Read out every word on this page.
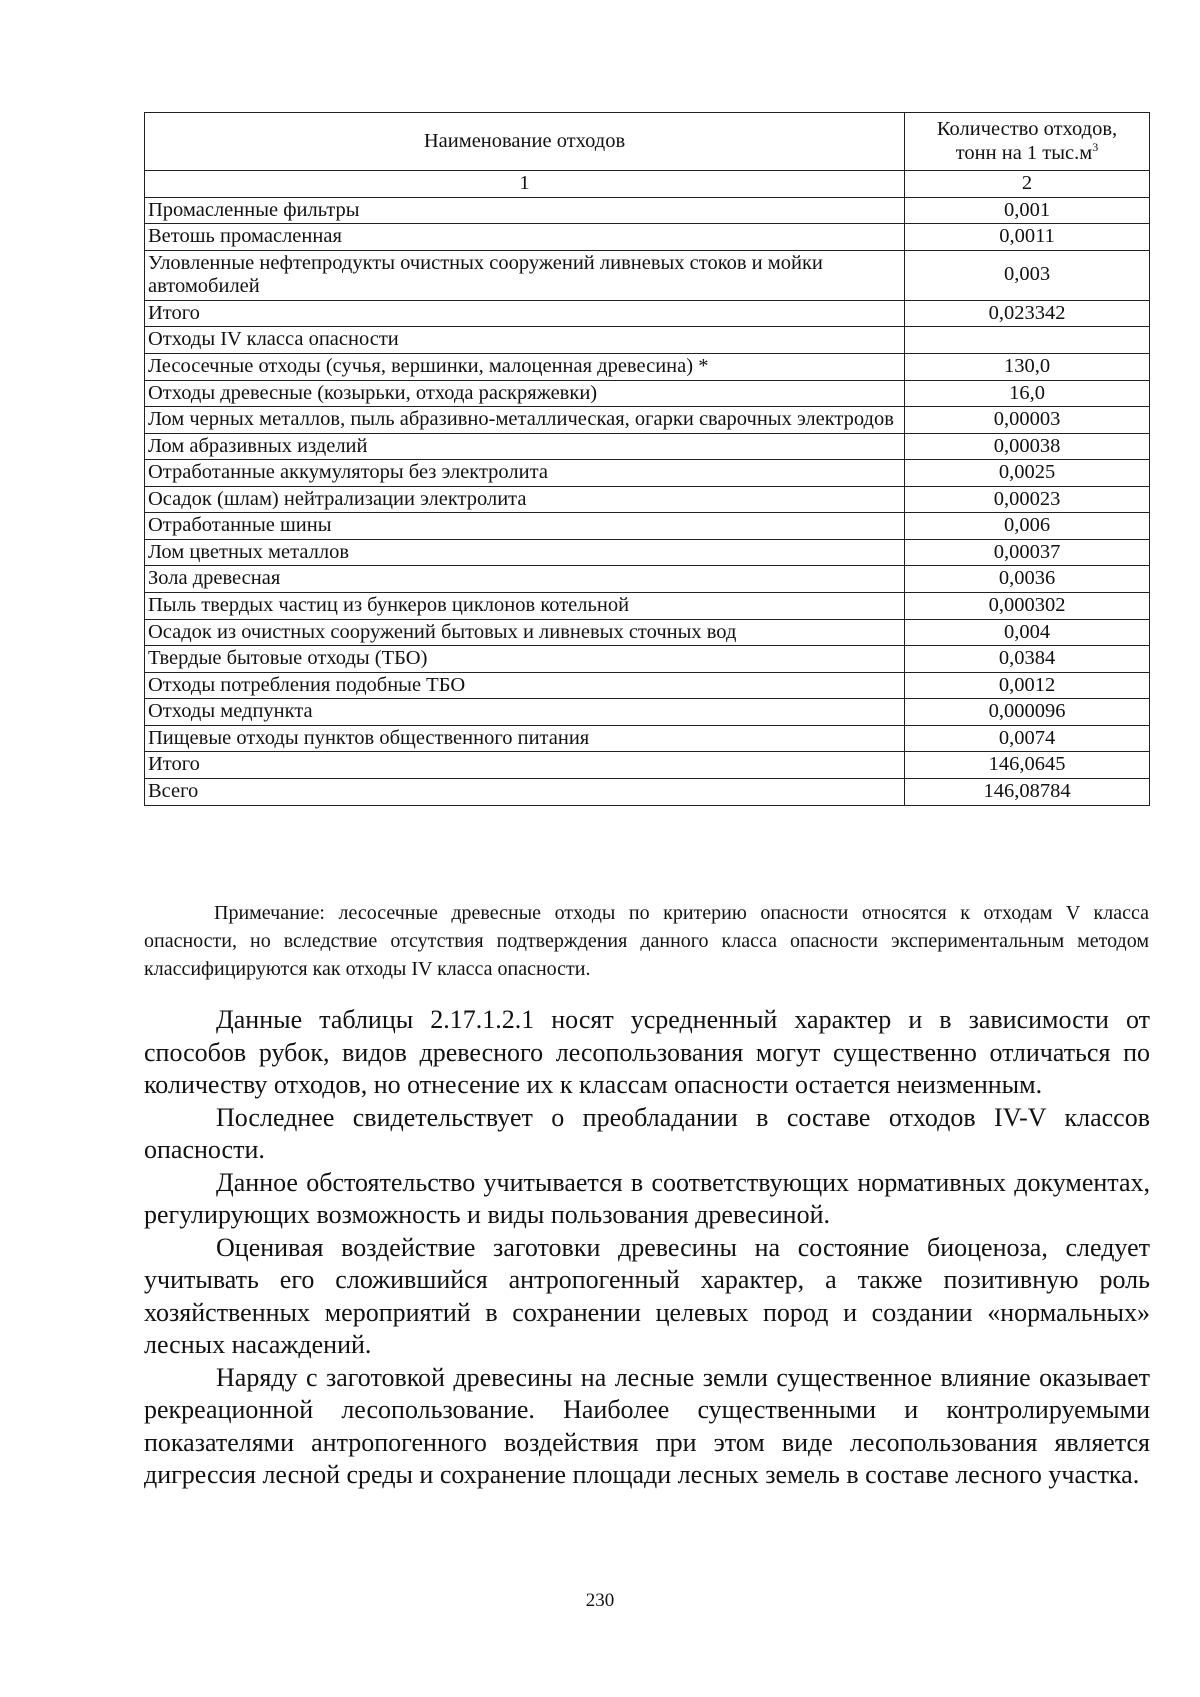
Наименование отходов	Количество отходов,
тонн на 1 $тыс.м^3$
1	2
Промасленные фильтры	0,001
Ветошь промасленная	0,0011
Уловленные нефтепродукты очистных сооружений ливневых стоков и мойки автомобилей	0,003
Итого	0,023342
Отходы IV класса опасности	
Лесосечные отходы (сучья, вершинки, малоценная древесина) *	130,0
Отходы древесные (козырьки, отхода раскряжевки)	16,0
Лом черных металлов, пыль абразивно-металлическая, огарки сварочных электродов	0,00003
Лом абразивных изделий	0,00038
Отработанные аккумуляторы без электролита	0,0025
Осадок (шлам) нейтрализации электролита	0,00023
Отработанные шины	0,006
Лом цветных металлов	0,00037
Зола древесная	0,0036
Пыль твердых частиц из бункеров циклонов котельной	0,000302
Осадок из очистных сооружений бытовых и ливневых сточных вод	0,004
Твердые бытовые отходы (ТБО)	0,0384
Отходы потребления подобные ТБО	0,0012
Отходы медпункта	0,000096
Пищевые отходы пунктов общественного питания	0,0074
Итого	146,0645
Всего	146,08784

Примечание: лесосечные древесные отходы по критерию опасности относятся к отходам V класса опасности, но вследствие отсутствия подтверждения данного класса опасности экспериментальным методом классифицируются как отходы IV класса опасности.

Данные таблицы 2.17.1.2.1 носят усредненный характер и в зависимости от способов рубок, видов древесного лесопользования могут существенно отличаться по количеству отходов, но отнесение их к классам опасности остается неизменным.

Последнее свидетельствует о преобладании в составе отходов IV-V классов опасности.

Данное обстоятельство учитывается в соответствующих нормативных документах, регулирующих возможность и виды пользования древесиной.

Оценивая воздействие заготовки древесины на состояние биоценоза, следует учитывать его сложившийся антропогенный характер, а также позитивную роль хозяйственных мероприятий в сохранении целевых пород и создании «нормальных» лесных насаждений.

Наряду с заготовкой древесины на лесные земли существенное влияние оказывает рекреационной лесопользование. Наиболее существенными и контролируемыми показателями антропогенного воздействия при этом виде лесопользования является дигрессия лесной среды и сохранение площади лесных земель в составе лесного участка.

230
